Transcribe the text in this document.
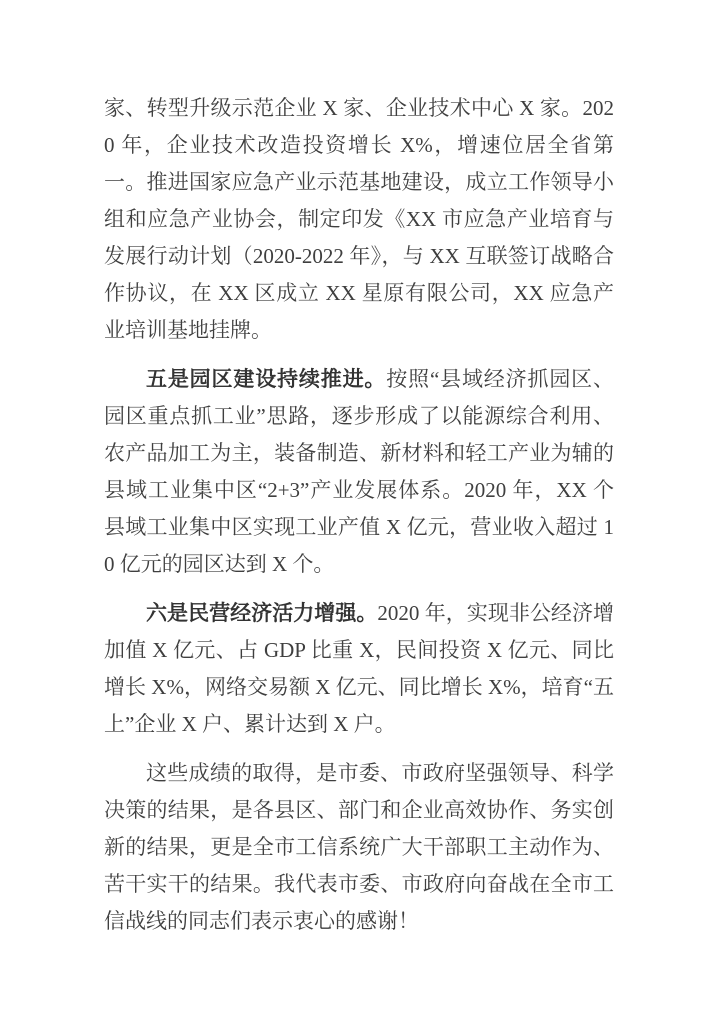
家、转型升级示范企业 X 家、企业技术中心 X 家。2020 年，企业技术改造投资增长 X%，增速位居全省第一。推进国家应急产业示范基地建设，成立工作领导小组和应急产业协会，制定印发《XX 市应急产业培育与发展行动计划（2020-2022 年》，与 XX 互联签订战略合作协议，在 XX 区成立 XX 星原有限公司，XX 应急产业培训基地挂牌。

五是园区建设持续推进。按照“县域经济抓园区、园区重点抓工业”思路，逐步形成了以能源综合利用、农产品加工为主，装备制造、新材料和轻工产业为辅的县域工业集中区“2+3”产业发展体系。2020 年，XX 个县域工业集中区实现工业产值 X 亿元，营业收入超过 10 亿元的园区达到 X 个。

六是民营经济活力增强。2020 年，实现非公经济增加值 X 亿元、占 GDP 比重 X，民间投资 X 亿元、同比增长 X%，网络交易额 X 亿元、同比增长 X%，培育“五上”企业 X 户、累计达到 X 户。

这些成绩的取得，是市委、市政府坚强领导、科学决策的结果，是各县区、部门和企业高效协作、务实创新的结果，更是全市工信系统广大干部职工主动作为、苦干实干的结果。我代表市委、市政府向奋战在全市工信战线的同志们表示衷心的感谢！
